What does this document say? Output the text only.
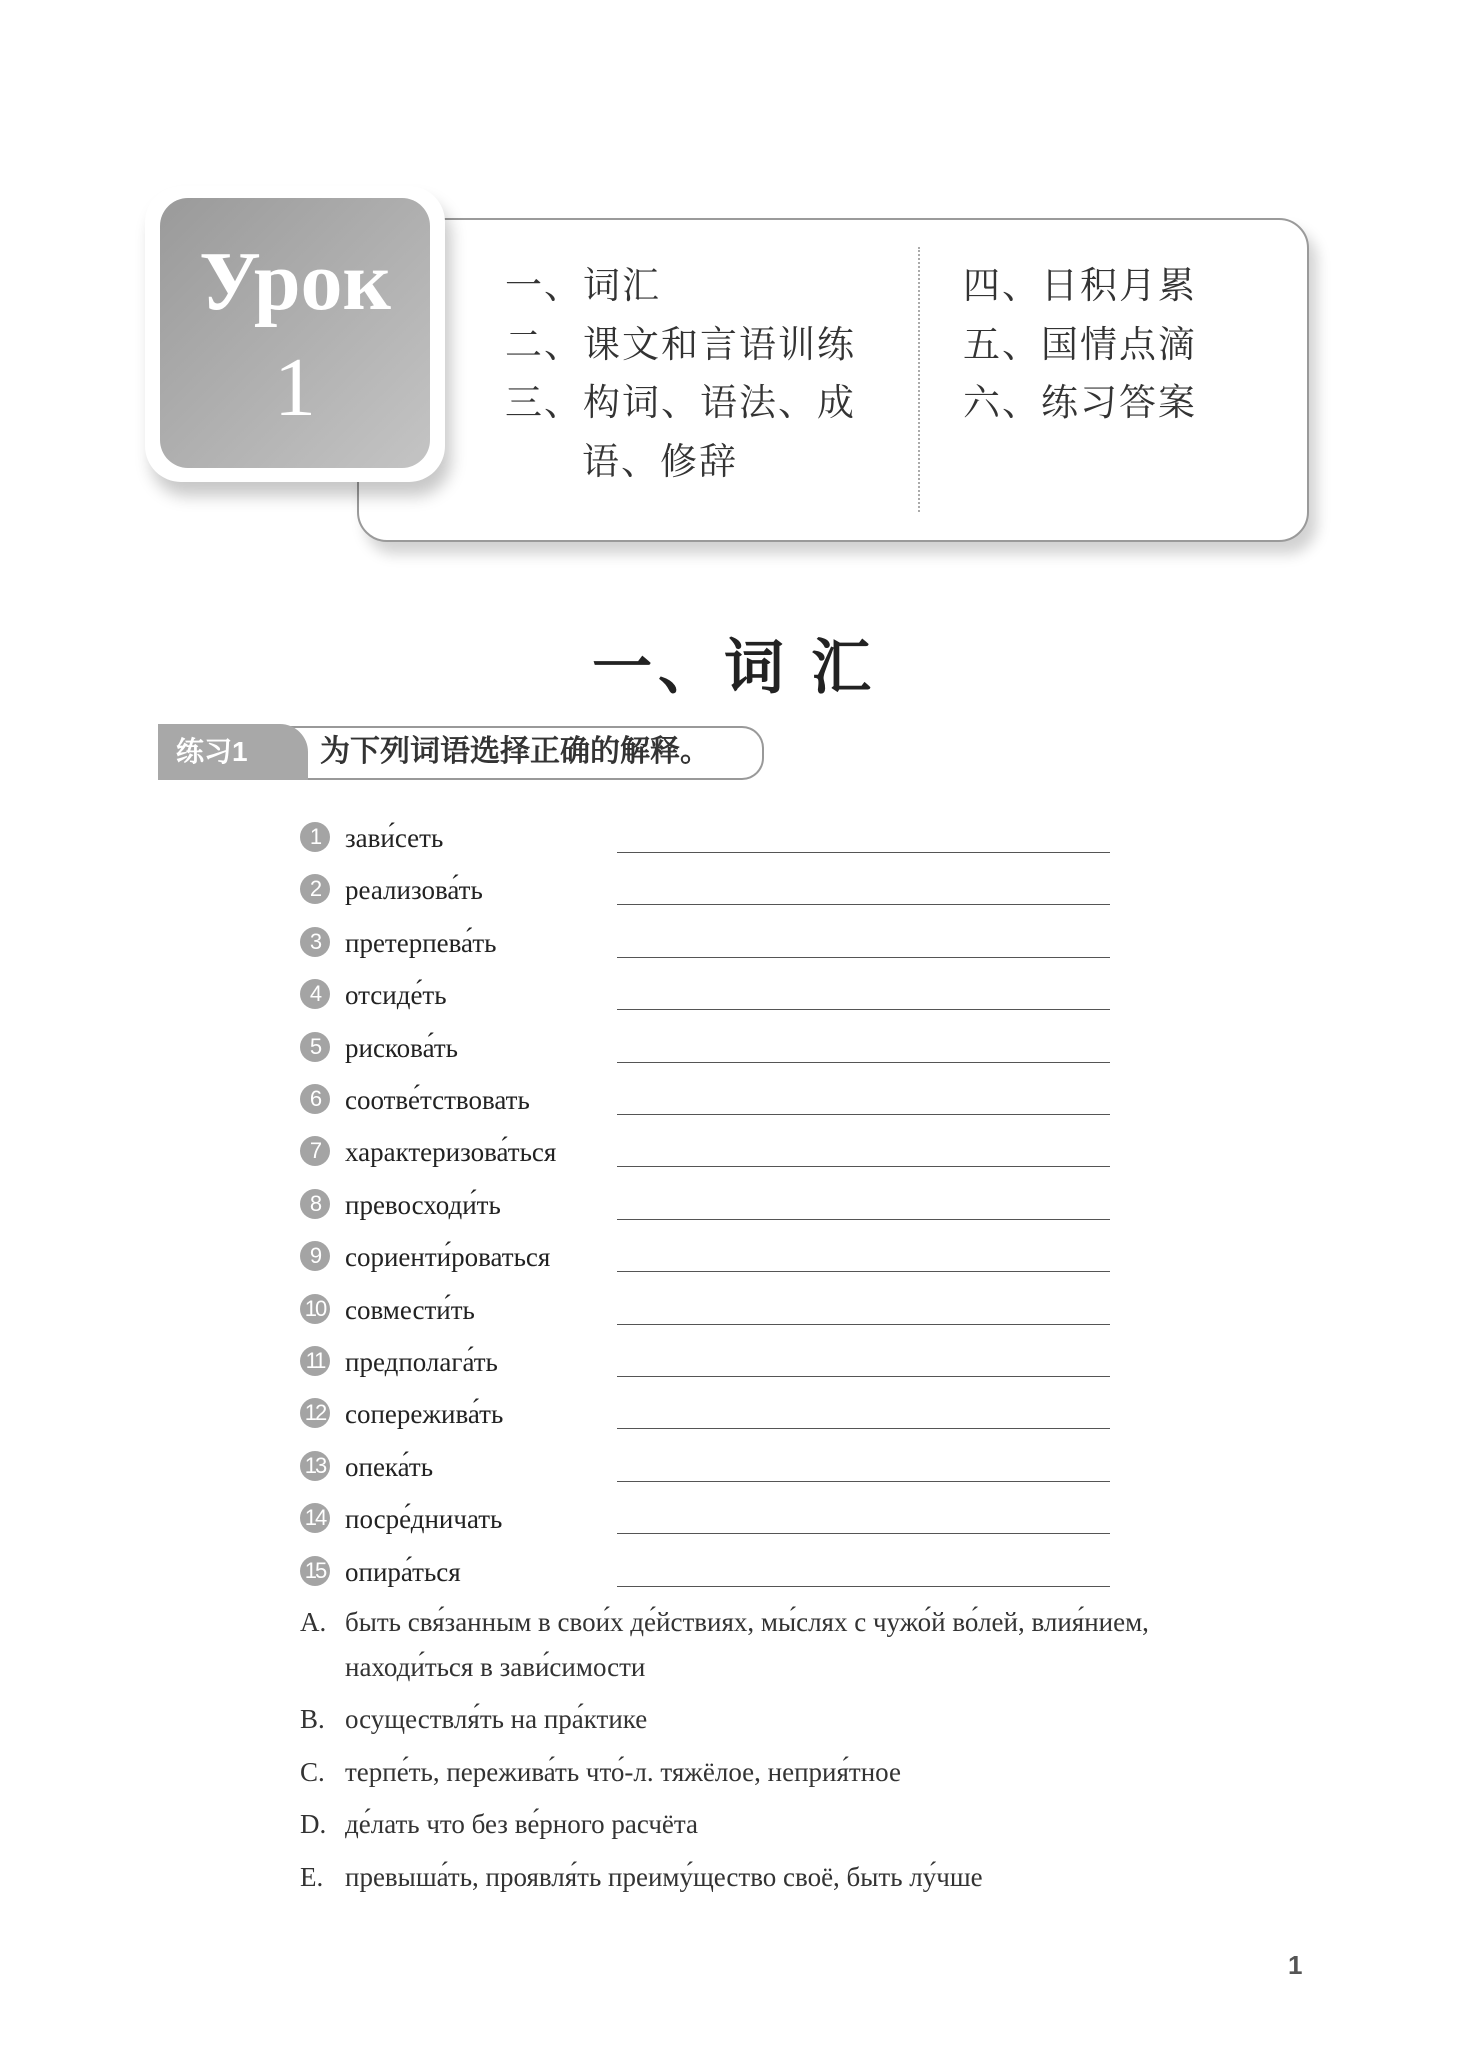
Урок
1
一、词汇
二、课文和言语训练
三、构词、语法、成
语、修辞
四、日积月累
五、国情点滴
六、练习答案
一、词 汇
练习1	为下列词语选择正确的解释。
1 зави́сеть
2 реализова́ть
3 претерпева́ть
4 отсиде́ть
5 рискова́ть
6 соотве́тствовать
7 характеризова́ться
8 превосходи́ть
9 сориенти́роваться
10 совмести́ть
11 предполага́ть
12 сопережива́ть
13 опека́ть
14 посре́дничать
15 опира́ться
A. быть свя́занным в свои́х де́йствиях, мы́слях с чужо́й во́лей, влия́нием,
находи́ться в зави́симости
B. осуществля́ть на пра́ктике
C. терпе́ть, пережива́ть что́-л. тяжёлое, неприя́тное
D. де́лать что без ве́рного расчёта
E. превыша́ть, проявля́ть преиму́щество своё, быть лу́чше
1
